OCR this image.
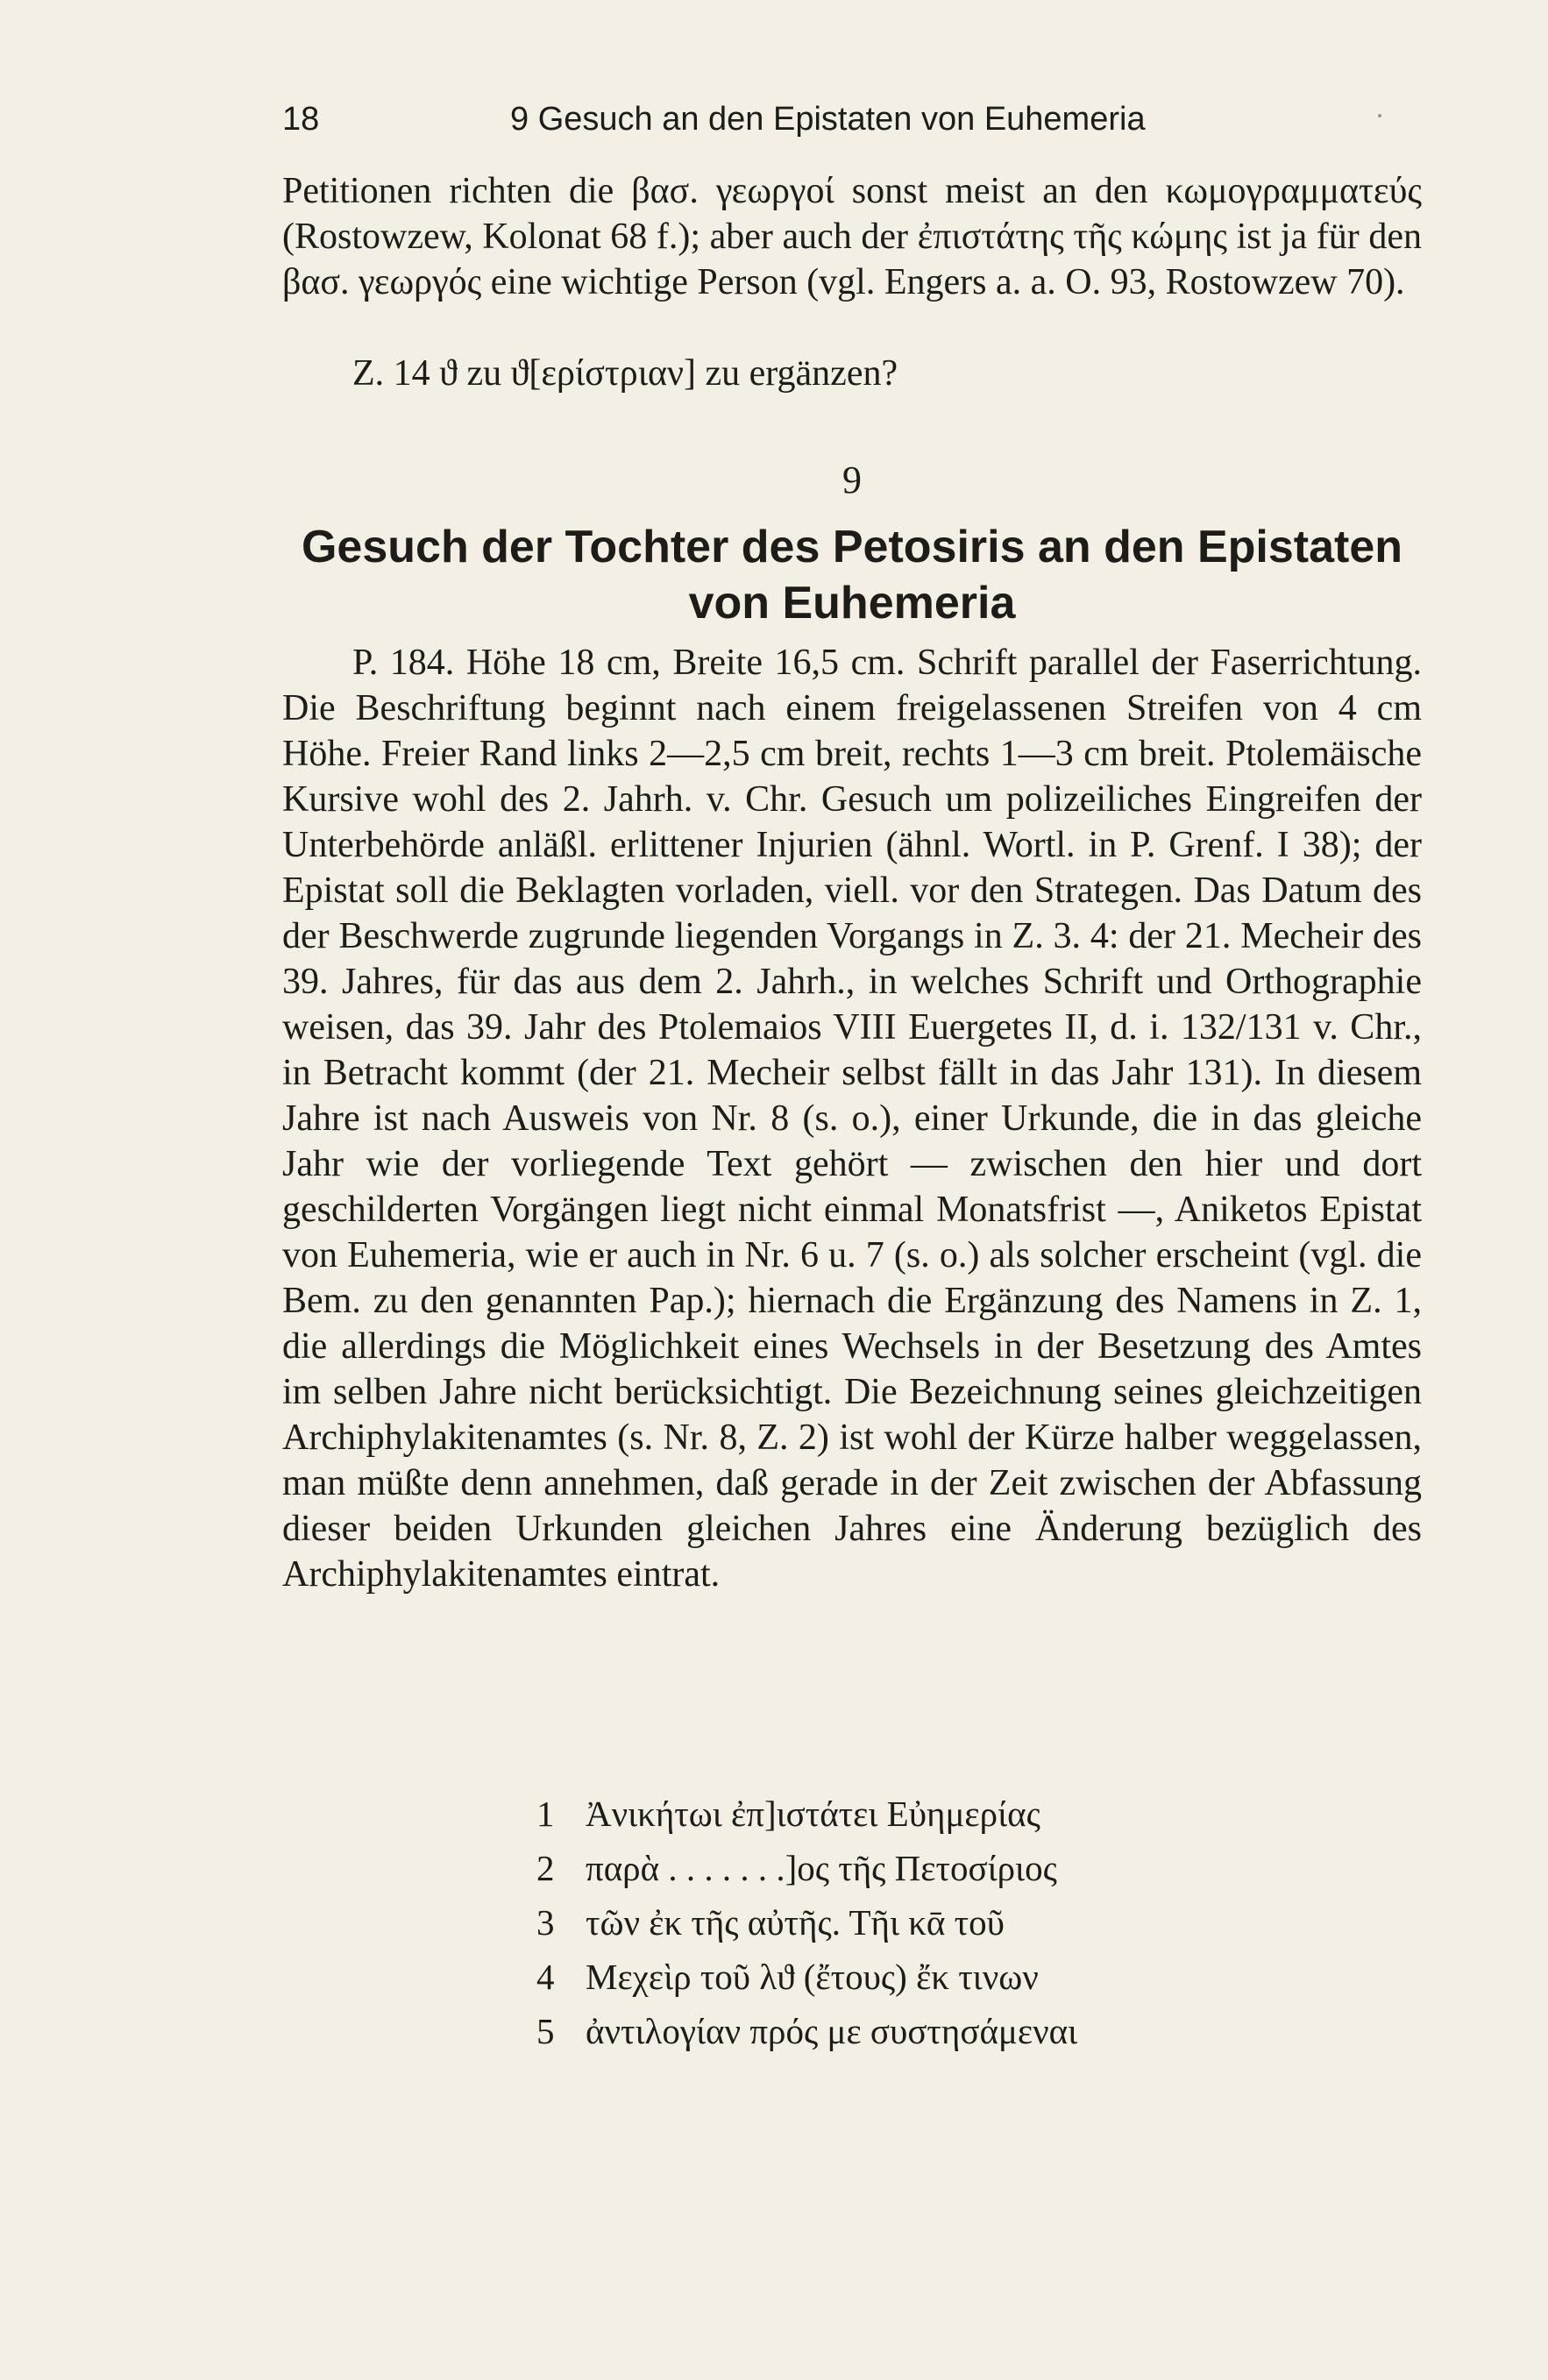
18	9 Gesuch an den Epistaten von Euhemeria

Petitionen richten die βασ. γεωργοί sonst meist an den κωμογραμματεύς (Rostowzew, Kolonat 68 f.); aber auch der ἐπιστάτης τῆς κώμης ist ja für den βασ. γεωργός eine wichtige Person (vgl. Engers a. a. O. 93, Rostowzew 70).

Z. 14 ϑ zu ϑ[ερίστριαν] zu ergänzen?
9
Gesuch der Tochter des Petosiris an den Epistaten
von Euhemeria

P. 184. Höhe 18 cm, Breite 16,5 cm. Schrift parallel der Faserrichtung. Die Beschriftung beginnt nach einem freigelassenen Streifen von 4 cm Höhe. Freier Rand links 2—2,5 cm breit, rechts 1—3 cm breit. Ptolemäische Kursive wohl des 2. Jahrh. v. Chr. Gesuch um polizeiliches Eingreifen der Unterbehörde anläßl. erlittener Injurien (ähnl. Wortl. in P. Grenf. I 38); der Epistat soll die Beklagten vorladen, viell. vor den Strategen. Das Datum des der Beschwerde zugrunde liegenden Vorgangs in Z. 3. 4: der 21. Mecheir des 39. Jahres, für das aus dem 2. Jahrh., in welches Schrift und Orthographie weisen, das 39. Jahr des Ptolemaios VIII Euergetes II, d. i. 132/131 v. Chr., in Betracht kommt (der 21. Mecheir selbst fällt in das Jahr 131). In diesem Jahre ist nach Ausweis von Nr. 8 (s. o.), einer Urkunde, die in das gleiche Jahr wie der vorliegende Text gehört — zwischen den hier und dort geschilderten Vorgängen liegt nicht einmal Monatsfrist —, Aniketos Epistat von Euhemeria, wie er auch in Nr. 6 u. 7 (s. o.) als solcher erscheint (vgl. die Bem. zu den genannten Pap.); hiernach die Ergänzung des Namens in Z. 1, die allerdings die Möglichkeit eines Wechsels in der Besetzung des Amtes im selben Jahre nicht berücksichtigt. Die Bezeichnung seines gleichzeitigen Archiphylakitenamtes (s. Nr. 8, Z. 2) ist wohl der Kürze halber weggelassen, man müßte denn annehmen, daß gerade in der Zeit zwischen der Abfassung dieser beiden Urkunden gleichen Jahres eine Änderung bezüglich des Archiphylakitenamtes eintrat.

1 Ἀνικήτωι ἐπ]ιστάτει Εὐημερίας
2 παρὰ . . . . . . .]ος τῆς Πετοσίριος
3 τῶν ἐκ τῆς αὐτῆς. Τῆι κᾱ τοῦ
4 Μεχεὶρ τοῦ λϑ (ἔτους) ἔκ τινων
5 ἀντιλογίαν πρός με συστησάμεναι
